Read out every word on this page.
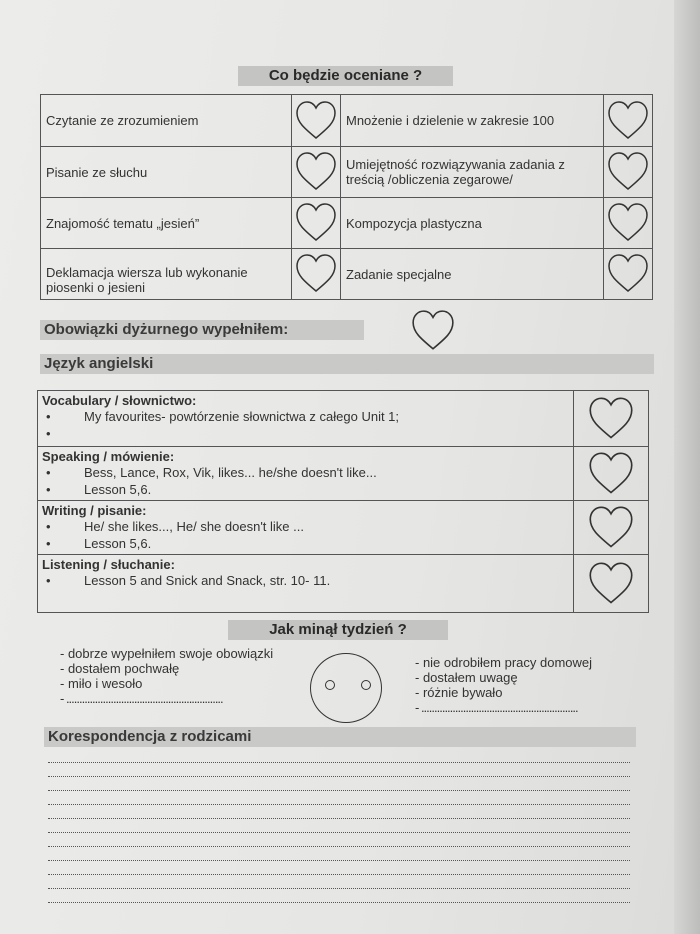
Co będzie oceniane ?
Czytanie ze zrozumieniem		Mnożenie i dzielenie w zakresie 100	

Pisanie ze słuchu		Umiejętność rozwiązywania zadania z treścią /obliczenia zegarowe/	

Znajomość tematu „jesień”		Kompozycja plastyczna	

Deklamacja wiersza lub wykonanie piosenki o jesieni		Zadanie specjalne	
Obowiązki dyżurnego wypełniłem:
Język angielski
Vocabulary / słownictwo:
• My favourites- powtórzenie słownictwa z całego Unit 1;
•

Speaking / mówienie:
• Bess, Lance, Rox, Vik, likes... he/she doesn't like...
• Lesson 5,6.

Writing / pisanie:
• He/ she likes..., He/ she doesn't like ...
• Lesson 5,6.

Listening / słuchanie:
• Lesson 5 and Snick and Snack, str. 10- 11.

Jak minął tydzień ?
- dobrze wypełniłem swoje obowiązki
- dostałem pochwałę
- miło i wesoło
- ............................................................
- nie odrobiłem pracy domowej
- dostałem uwagę
- różnie bywało
- ............................................................
Korespondencja z rodzicami
